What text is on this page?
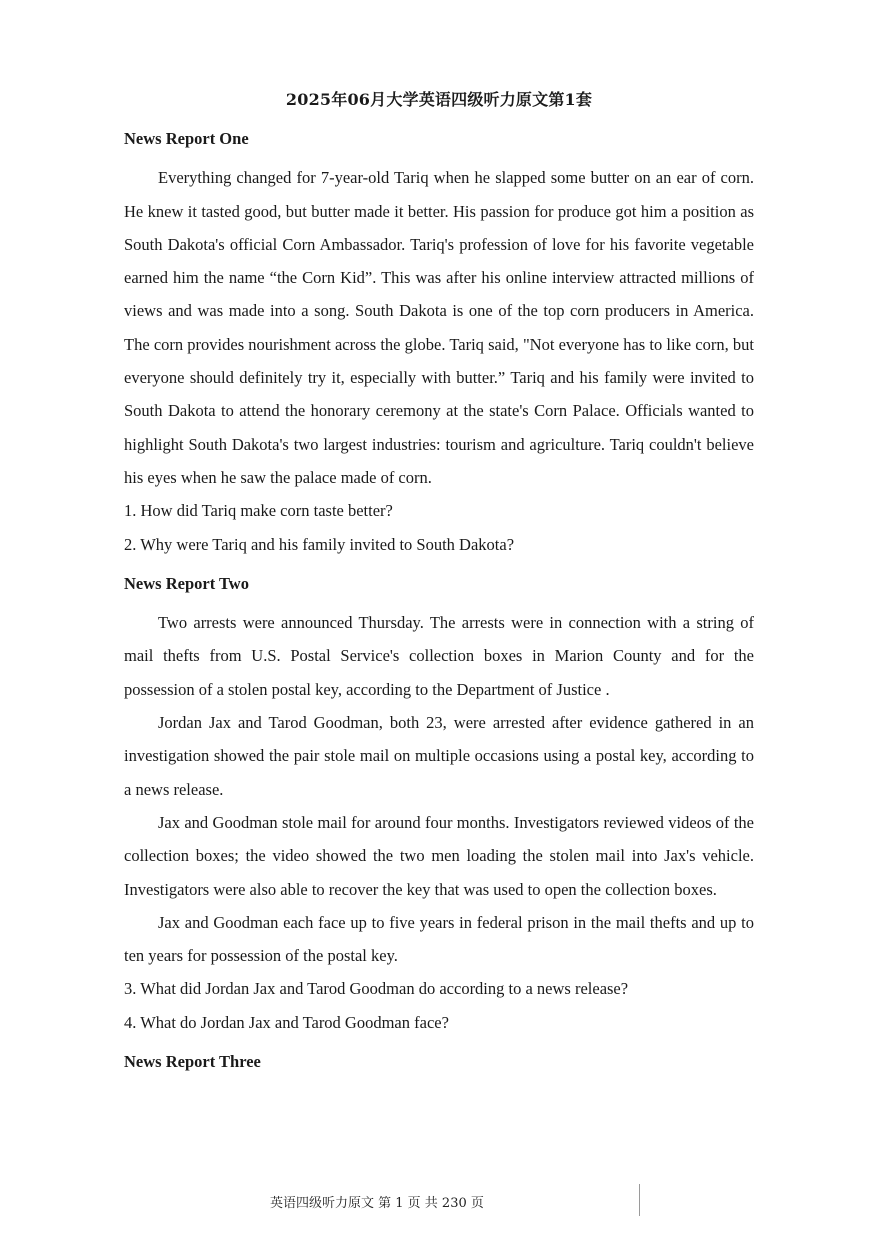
2025年06月大学英语四级听力原文第1套
News Report One

Everything changed for 7-year-old Tariq when he slapped some butter on an ear of corn. He knew it tasted good, but butter made it better. His passion for produce got him a position as South Dakota's official Corn Ambassador. Tariq's profession of love for his favorite vegetable earned him the name “the Corn Kid”. This was after his online interview attracted millions of views and was made into a song. South Dakota is one of the top corn producers in America. The corn provides nourishment across the globe. Tariq said, "Not everyone has to like corn, but everyone should definitely try it, especially with butter.” Tariq and his family were invited to South Dakota to attend the honorary ceremony at the state's Corn Palace. Officials wanted to highlight South Dakota's two largest industries: tourism and agriculture. Tariq couldn't believe his eyes when he saw the palace made of corn.

1. How did Tariq make corn taste better?

2. Why were Tariq and his family invited to South Dakota?

News Report Two

Two arrests were announced Thursday. The arrests were in connection with a string of mail thefts from U.S. Postal Service's collection boxes in Marion County and for the possession of a stolen postal key, according to the Department of Justice .

Jordan Jax and Tarod Goodman, both 23, were arrested after evidence gathered in an investigation showed the pair stole mail on multiple occasions using a postal key, according to a news release.

Jax and Goodman stole mail for around four months. Investigators reviewed videos of the collection boxes; the video showed the two men loading the stolen mail into Jax's vehicle. Investigators were also able to recover the key that was used to open the collection boxes.

Jax and Goodman each face up to five years in federal prison in the mail thefts and up to ten years for possession of the postal key.

3. What did Jordan Jax and Tarod Goodman do according to a news release?

4. What do Jordan Jax and Tarod Goodman face?

News Report Three
英语四级听力原文 第 1 页 共 230 页
